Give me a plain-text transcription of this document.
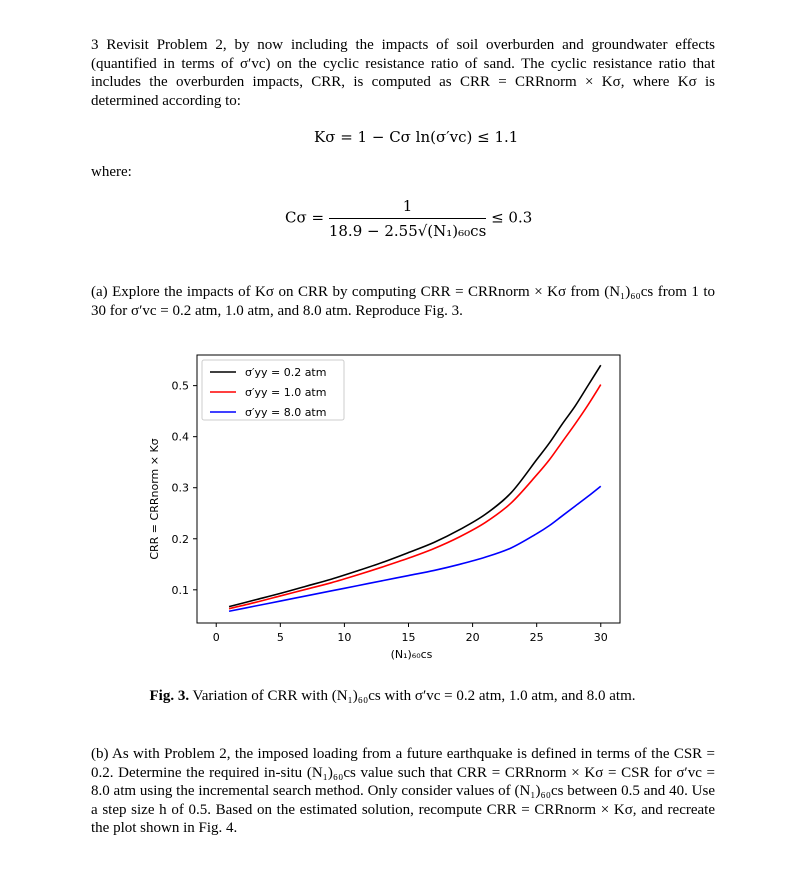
3 Revisit Problem 2, by now including the impacts of soil overburden and groundwater effects (quantified in terms of σ′vc) on the cyclic resistance ratio of sand. The cyclic resistance ratio that includes the overburden impacts, CRR, is computed as CRR = CRRnorm × Kσ, where Kσ is determined according to:

Kσ = 1 − Cσ ln(σ′vc) ≤ 1.1
where:
$C\sigma = \frac{1}{\text{18.9 − 2.55√(N₁)₆₀cs}} \le 0.3$

(a) Explore the impacts of Kσ on CRR by computing CRR = CRRnorm × Kσ from (N₁)₆₀cs from 1 to 30 for σ′vc = 0.2 atm, 1.0 atm, and 8.0 atm. Reproduce Fig. 3.

0	5	10	15	20	25	30
0.1
0.2
0.3
0.4
0.5
(N₁)₆₀cs
CRR = CRRnorm × Kσ
σ′yy = 0.2 atm
σ′yy = 1.0 atm
σ′yy = 8.0 atm
Fig. 3. Variation of CRR with (N₁)₆₀cs with σ′vc = 0.2 atm, 1.0 atm, and 8.0 atm.

(b) As with Problem 2, the imposed loading from a future earthquake is defined in terms of the CSR = 0.2. Determine the required in-situ (N₁)₆₀cs value such that CRR = CRRnorm × Kσ = CSR for σ′vc = 8.0 atm using the incremental search method. Only consider values of (N₁)₆₀cs between 0.5 and 40. Use a step size h of 0.5. Based on the estimated solution, recompute CRR = CRRnorm × Kσ, and recreate the plot shown in Fig. 4.
